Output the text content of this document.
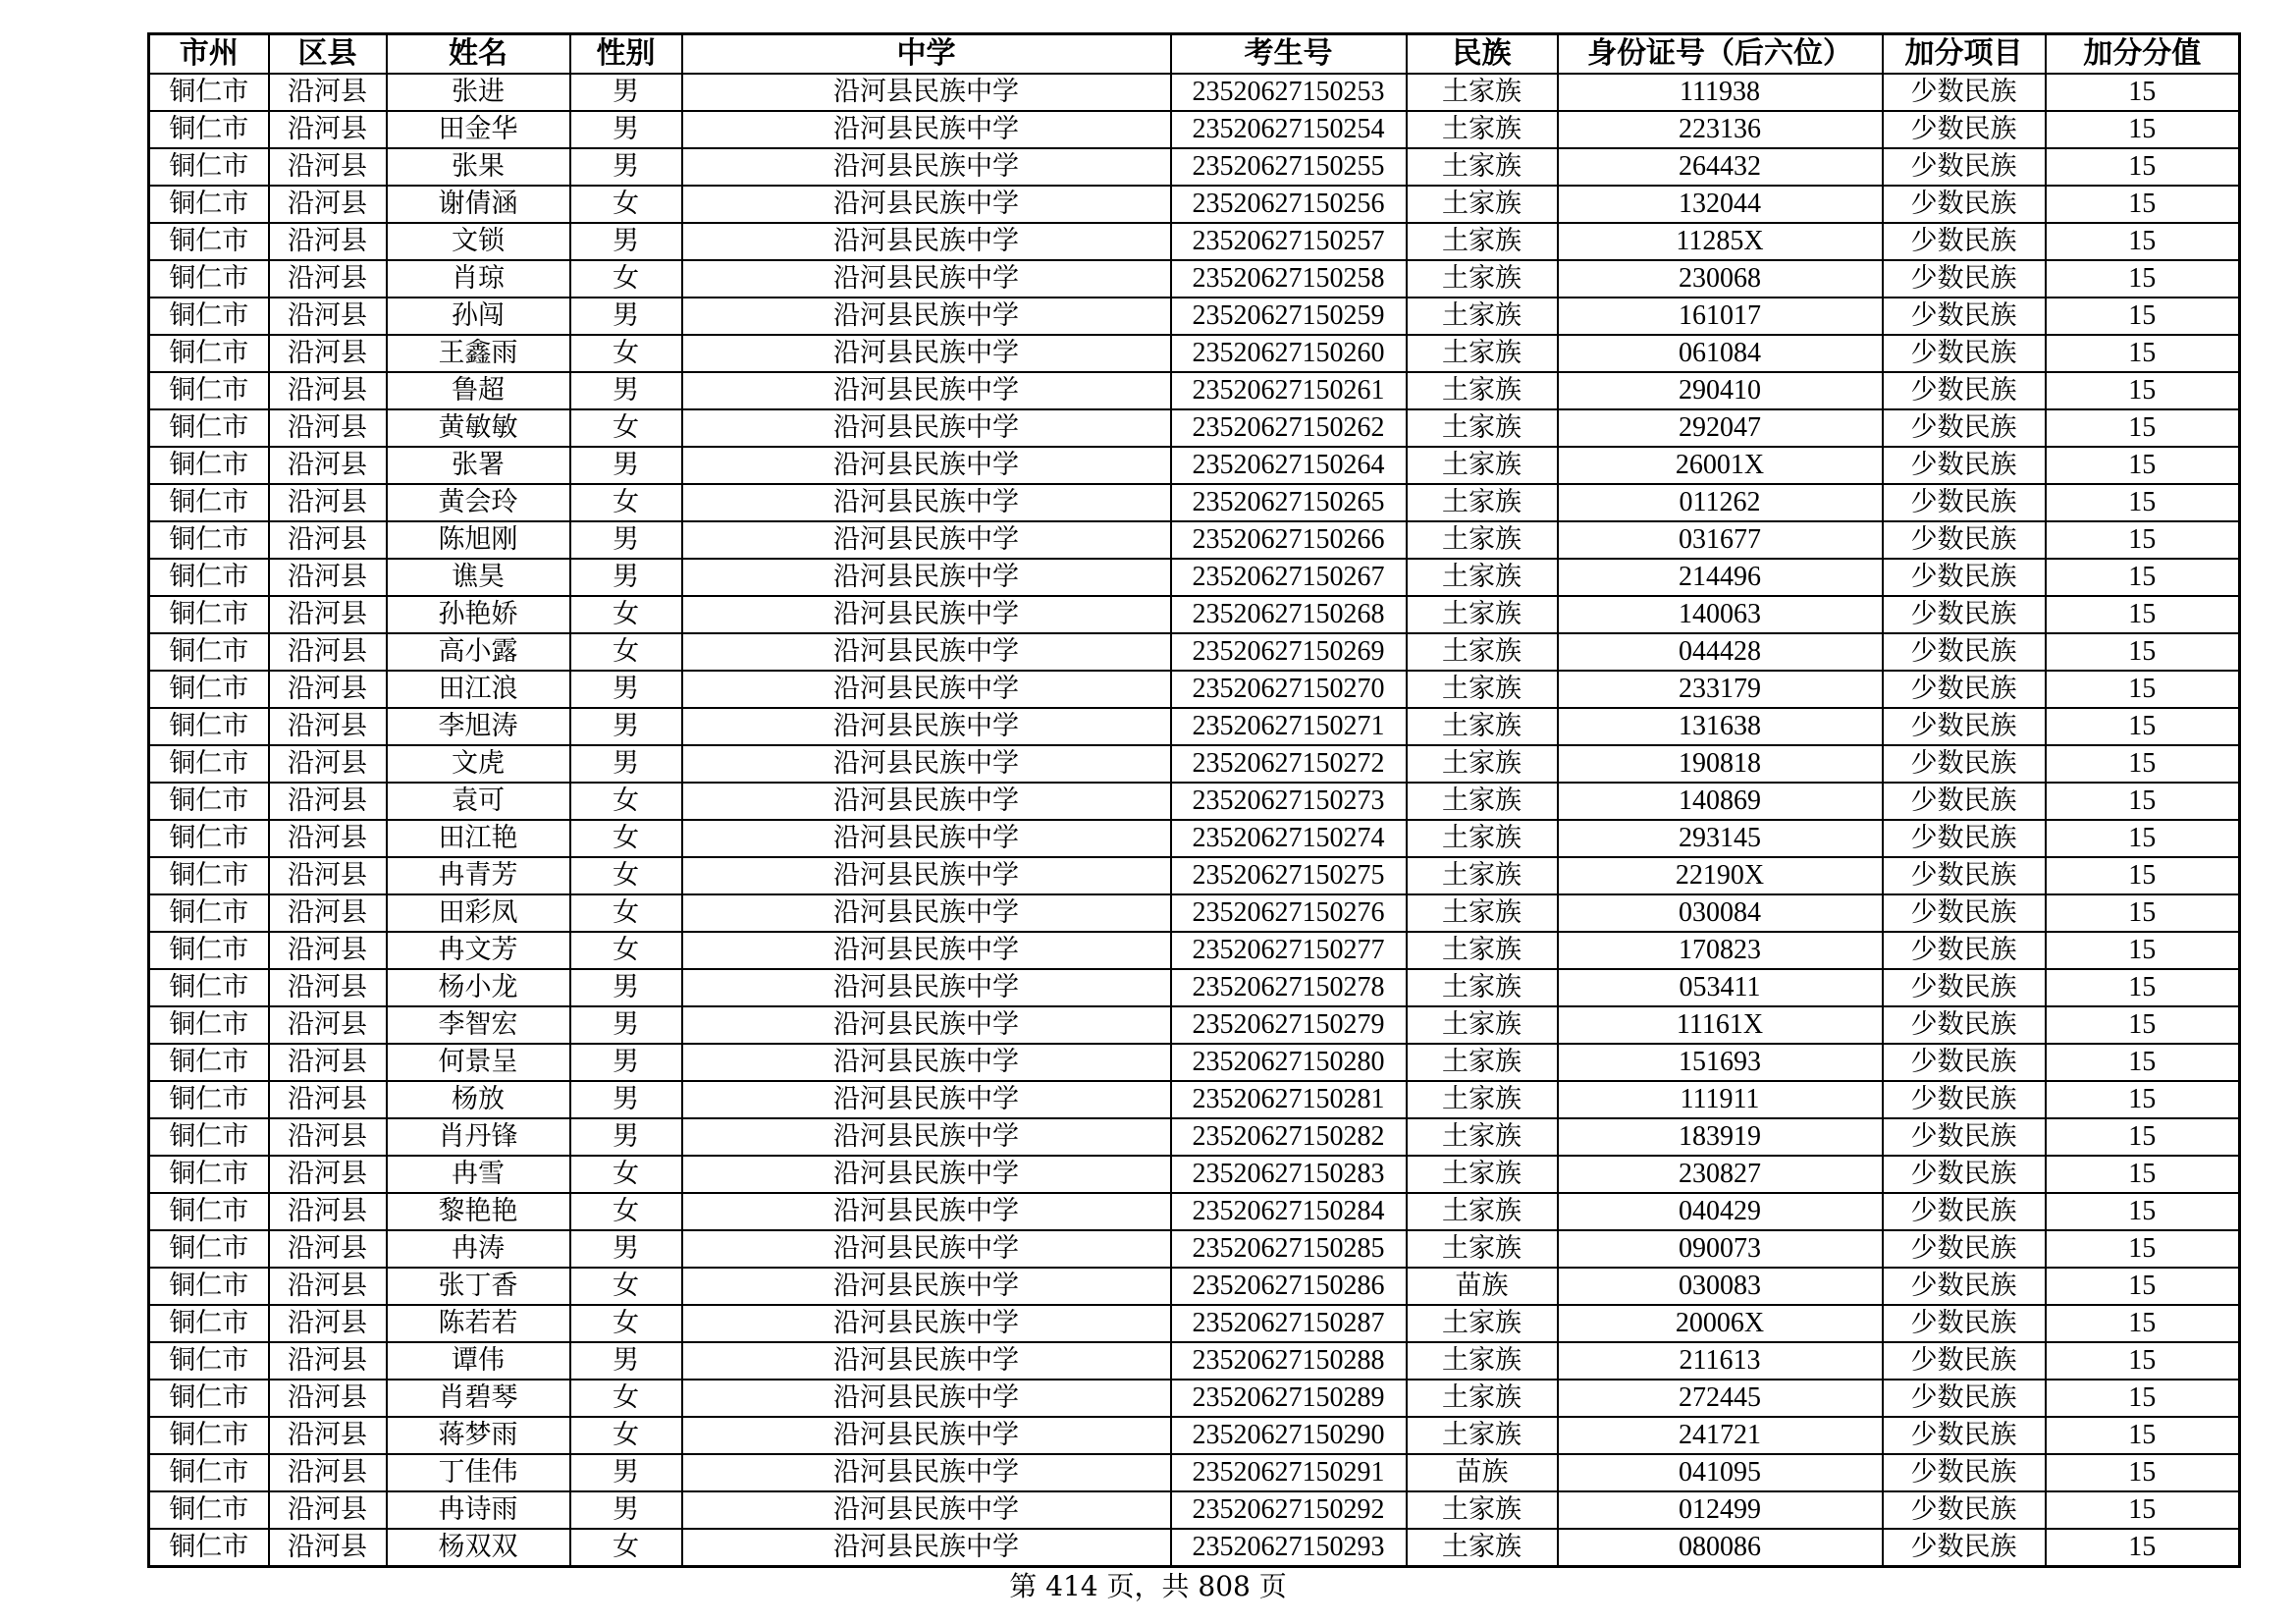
市州	区县	姓名	性别	中学	考生号	民族	身份证号（后六位）	加分项目	加分分值
铜仁市	沿河县	张进	男	沿河县民族中学	23520627150253	土家族	111938	少数民族	15
铜仁市	沿河县	田金华	男	沿河县民族中学	23520627150254	土家族	223136	少数民族	15
铜仁市	沿河县	张果	男	沿河县民族中学	23520627150255	土家族	264432	少数民族	15
铜仁市	沿河县	谢倩涵	女	沿河县民族中学	23520627150256	土家族	132044	少数民族	15
铜仁市	沿河县	文锁	男	沿河县民族中学	23520627150257	土家族	11285X	少数民族	15
铜仁市	沿河县	肖琼	女	沿河县民族中学	23520627150258	土家族	230068	少数民族	15
铜仁市	沿河县	孙闯	男	沿河县民族中学	23520627150259	土家族	161017	少数民族	15
铜仁市	沿河县	王鑫雨	女	沿河县民族中学	23520627150260	土家族	061084	少数民族	15
铜仁市	沿河县	鲁超	男	沿河县民族中学	23520627150261	土家族	290410	少数民族	15
铜仁市	沿河县	黄敏敏	女	沿河县民族中学	23520627150262	土家族	292047	少数民族	15
铜仁市	沿河县	张署	男	沿河县民族中学	23520627150264	土家族	26001X	少数民族	15
铜仁市	沿河县	黄会玲	女	沿河县民族中学	23520627150265	土家族	011262	少数民族	15
铜仁市	沿河县	陈旭刚	男	沿河县民族中学	23520627150266	土家族	031677	少数民族	15
铜仁市	沿河县	谯昊	男	沿河县民族中学	23520627150267	土家族	214496	少数民族	15
铜仁市	沿河县	孙艳娇	女	沿河县民族中学	23520627150268	土家族	140063	少数民族	15
铜仁市	沿河县	高小露	女	沿河县民族中学	23520627150269	土家族	044428	少数民族	15
铜仁市	沿河县	田江浪	男	沿河县民族中学	23520627150270	土家族	233179	少数民族	15
铜仁市	沿河县	李旭涛	男	沿河县民族中学	23520627150271	土家族	131638	少数民族	15
铜仁市	沿河县	文虎	男	沿河县民族中学	23520627150272	土家族	190818	少数民族	15
铜仁市	沿河县	袁可	女	沿河县民族中学	23520627150273	土家族	140869	少数民族	15
铜仁市	沿河县	田江艳	女	沿河县民族中学	23520627150274	土家族	293145	少数民族	15
铜仁市	沿河县	冉青芳	女	沿河县民族中学	23520627150275	土家族	22190X	少数民族	15
铜仁市	沿河县	田彩凤	女	沿河县民族中学	23520627150276	土家族	030084	少数民族	15
铜仁市	沿河县	冉文芳	女	沿河县民族中学	23520627150277	土家族	170823	少数民族	15
铜仁市	沿河县	杨小龙	男	沿河县民族中学	23520627150278	土家族	053411	少数民族	15
铜仁市	沿河县	李智宏	男	沿河县民族中学	23520627150279	土家族	11161X	少数民族	15
铜仁市	沿河县	何景呈	男	沿河县民族中学	23520627150280	土家族	151693	少数民族	15
铜仁市	沿河县	杨放	男	沿河县民族中学	23520627150281	土家族	111911	少数民族	15
铜仁市	沿河县	肖丹锋	男	沿河县民族中学	23520627150282	土家族	183919	少数民族	15
铜仁市	沿河县	冉雪	女	沿河县民族中学	23520627150283	土家族	230827	少数民族	15
铜仁市	沿河县	黎艳艳	女	沿河县民族中学	23520627150284	土家族	040429	少数民族	15
铜仁市	沿河县	冉涛	男	沿河县民族中学	23520627150285	土家族	090073	少数民族	15
铜仁市	沿河县	张丁香	女	沿河县民族中学	23520627150286	苗族	030083	少数民族	15
铜仁市	沿河县	陈若若	女	沿河县民族中学	23520627150287	土家族	20006X	少数民族	15
铜仁市	沿河县	谭伟	男	沿河县民族中学	23520627150288	土家族	211613	少数民族	15
铜仁市	沿河县	肖碧琴	女	沿河县民族中学	23520627150289	土家族	272445	少数民族	15
铜仁市	沿河县	蒋梦雨	女	沿河县民族中学	23520627150290	土家族	241721	少数民族	15
铜仁市	沿河县	丁佳伟	男	沿河县民族中学	23520627150291	苗族	041095	少数民族	15
铜仁市	沿河县	冉诗雨	男	沿河县民族中学	23520627150292	土家族	012499	少数民族	15
铜仁市	沿河县	杨双双	女	沿河县民族中学	23520627150293	土家族	080086	少数民族	15
第 414 页，共 808 页
